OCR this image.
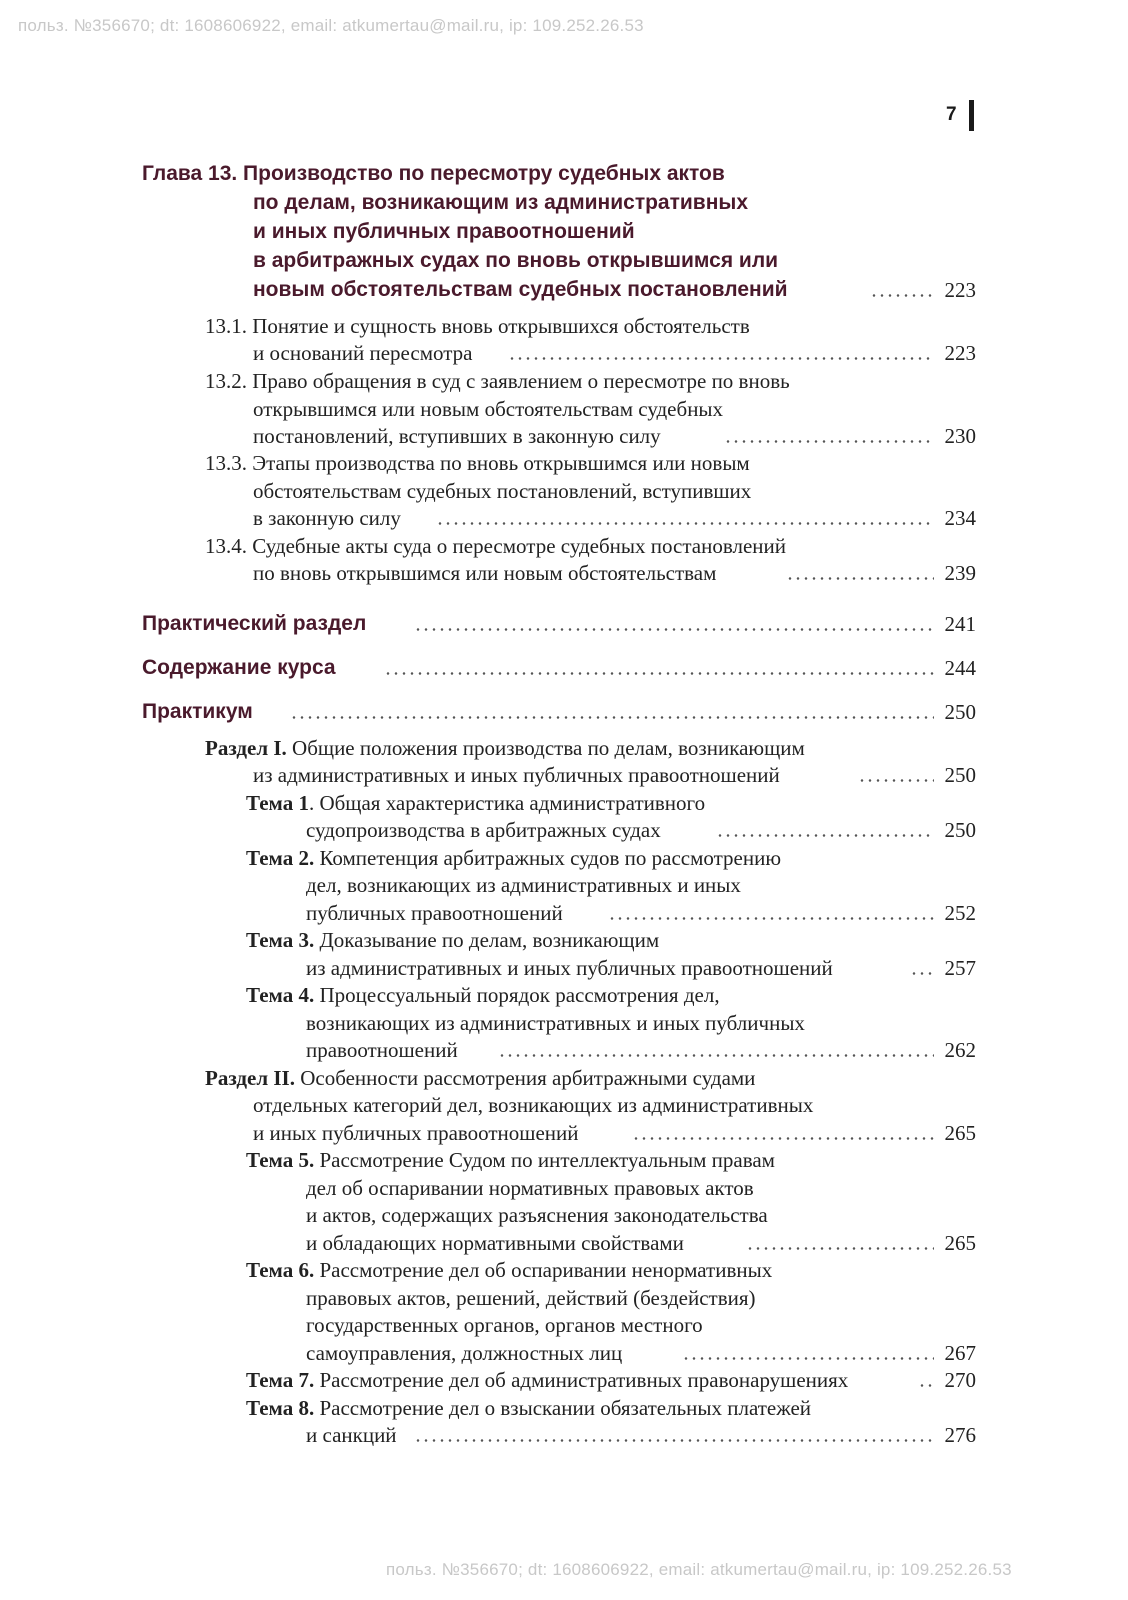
польз. №356670; dt: 1608606922, email: atkumertau@mail.ru, ip: 109.252.26.53
польз. №356670; dt: 1608606922, email: atkumertau@mail.ru, ip: 109.252.26.53
7
Глава 13. Производство по пересмотру судебных актов
по делам, возникающим из административных
и иных публичных правоотношений
в арбитражных судах по вновь открывшимся или
новым обстоятельствам судебных постановлений	223
13.1. Понятие и сущность вновь открывшихся обстоятельств
и оснований пересмотра	223
13.2. Право обращения в суд с заявлением о пересмотре по вновь
открывшимся или новым обстоятельствам судебных
постановлений, вступивших в законную силу	230
13.3. Этапы производства по вновь открывшимся или новым
обстоятельствам судебных постановлений, вступивших
в законную силу	234
13.4. Судебные акты суда о пересмотре судебных постановлений
по вновь открывшимся или новым обстоятельствам	239
Практический раздел	241
Содержание курса	244
Практикум	250
Раздел I. Общие положения производства по делам, возникающим
из административных и иных публичных правоотношений	250
Тема 1. Общая характеристика административного
судопроизводства в арбитражных судах	250
Тема 2. Компетенция арбитражных судов по рассмотрению
дел, возникающих из административных и иных
публичных правоотношений	252
Тема 3. Доказывание по делам, возникающим
из административных и иных публичных правоотношений	257
Тема 4. Процессуальный порядок рассмотрения дел,
возникающих из административных и иных публичных
правоотношений	262
Раздел II. Особенности рассмотрения арбитражными судами
отдельных категорий дел, возникающих из административных
и иных публичных правоотношений	265
Тема 5. Рассмотрение Судом по интеллектуальным правам
дел об оспаривании нормативных правовых актов
и актов, содержащих разъяснения законодательства
и обладающих нормативными свойствами	265
Тема 6. Рассмотрение дел об оспаривании ненормативных
правовых актов, решений, действий (бездействия)
государственных органов, органов местного
самоуправления, должностных лиц	267
Тема 7. Рассмотрение дел об административных правонарушениях	270
Тема 8. Рассмотрение дел о взыскании обязательных платежей
и санкций	276
